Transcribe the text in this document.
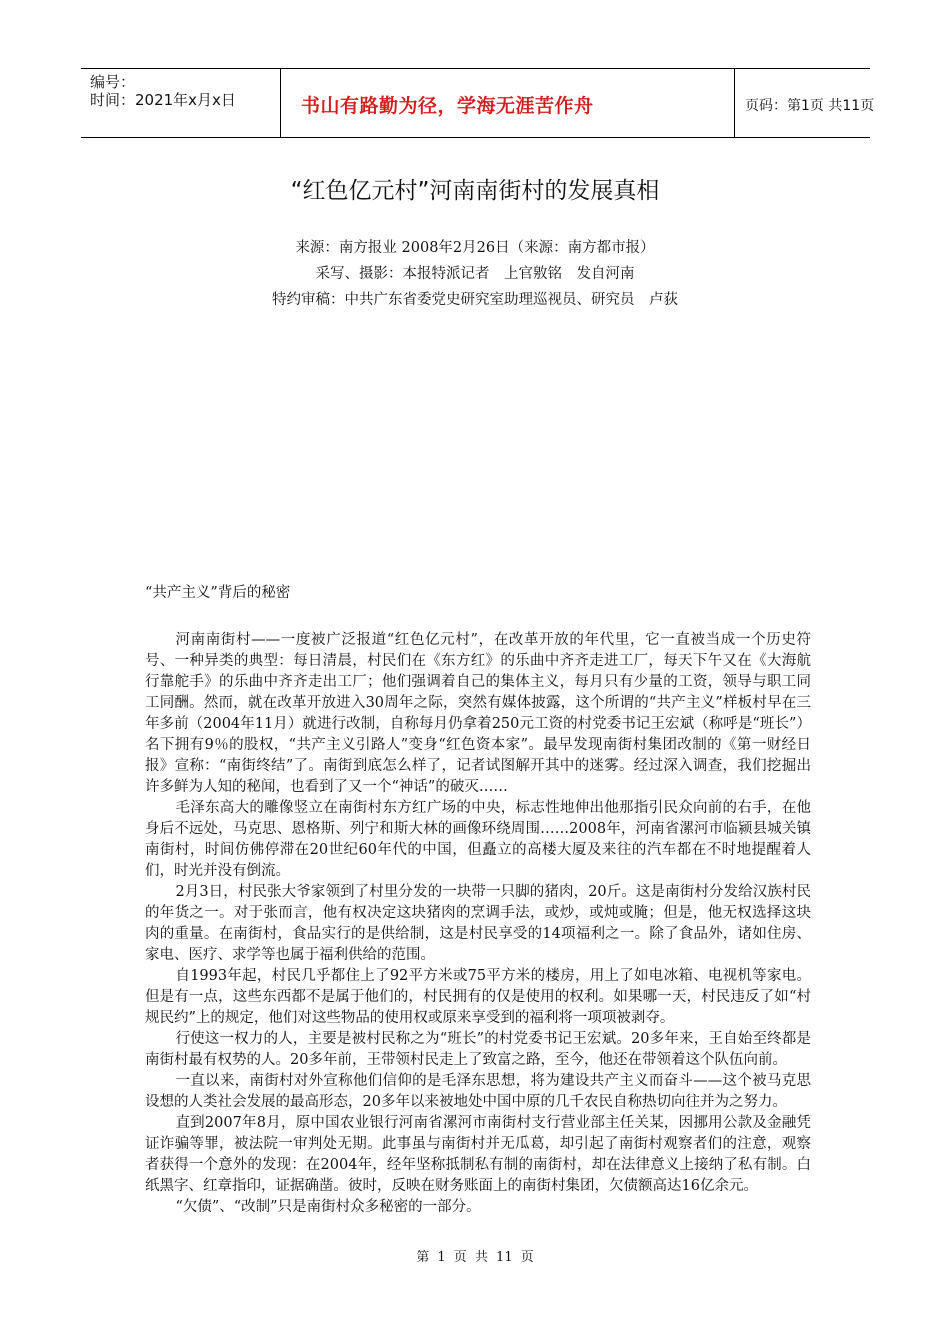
编号：
时间：2021年x月x日	书山有路勤为径，学海无涯苦作舟	页码：第1页 共11页
“红色亿元村”河南南街村的发展真相
来源：南方报业 2008年2月26日（来源：南方都市报）
采写、摄影：本报特派记者　上官敫铭　发自河南
特约审稿：中共广东省委党史研究室助理巡视员、研究员　卢荻

河南南街村——一度被广泛报道“红色亿元村”，在改革开放的年代里，它一直被当成一个历史符号、一种异类的典型：每日清晨，村民们在《东方红》的乐曲中齐齐走进工厂，每天下午又在《大海航行靠舵手》的乐曲中齐齐走出工厂；他们强调着自己的集体主义，每月只有少量的工资，领导与职工同工同酬。然而，就在改革开放进入30周年之际，突然有媒体披露，这个所谓的“共产主义”样板村早在三年多前（2004年11月）就进行改制，自称每月仍拿着250元工资的村党委书记王宏斌（称呼是“班长”）名下拥有9％的股权，“共产主义引路人”变身“红色资本家”。最早发现南街村集团改制的《第一财经日报》宣称：“南街终结”了。南街到底怎么样了，记者试图解开其中的迷雾。经过深入调查，我们挖掘出许多鲜为人知的秘闻，也看到了又一个“神话”的破灭……

“共产主义”背后的秘密

毛泽东高大的雕像竖立在南街村东方红广场的中央，标志性地伸出他那指引民众向前的右手，在他身后不远处，马克思、恩格斯、列宁和斯大林的画像环绕周围……2008年，河南省漯河市临颍县城关镇南街村，时间仿佛停滞在20世纪60年代的中国，但矗立的高楼大厦及来往的汽车都在不时地提醒着人们，时光并没有倒流。

2月3日，村民张大爷家领到了村里分发的一块带一只脚的猪肉，20斤。这是南街村分发给汉族村民的年货之一。对于张而言，他有权决定这块猪肉的烹调手法，或炒，或炖或腌；但是，他无权选择这块肉的重量。在南街村，食品实行的是供给制，这是村民享受的14项福利之一。除了食品外，诸如住房、家电、医疗、求学等也属于福利供给的范围。

自1993年起，村民几乎都住上了92平方米或75平方米的楼房，用上了如电冰箱、电视机等家电。但是有一点，这些东西都不是属于他们的，村民拥有的仅是使用的权利。如果哪一天，村民违反了如“村规民约”上的规定，他们对这些物品的使用权或原来享受到的福利将一项项被剥夺。

行使这一权力的人，主要是被村民称之为“班长”的村党委书记王宏斌。20多年来，王自始至终都是南街村最有权势的人。20多年前，王带领村民走上了致富之路，至今，他还在带领着这个队伍向前。

一直以来，南街村对外宣称他们信仰的是毛泽东思想，将为建设共产主义而奋斗——这个被马克思设想的人类社会发展的最高形态，20多年以来被地处中国中原的几千农民自称热切向往并为之努力。

直到2007年8月，原中国农业银行河南省漯河市南街村支行营业部主任关某，因挪用公款及金融凭证诈骗等罪，被法院一审判处无期。此事虽与南街村并无瓜葛，却引起了南街村观察者们的注意，观察者获得一个意外的发现：在2004年，经年坚称抵制私有制的南街村，却在法律意义上接纳了私有制。白纸黑字、红章指印，证据确凿。彼时，反映在财务账面上的南街村集团，欠债额高达16亿余元。

“欠债”、“改制”只是南街村众多秘密的一部分。

第 1 页 共 11 页
